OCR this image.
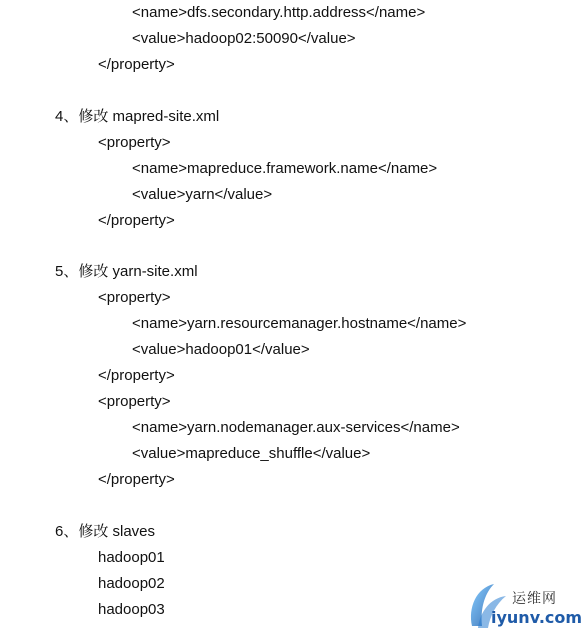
<name>dfs.secondary.http.address</name>
<value>hadoop02:50090</value>
</property>
4、修改 mapred-site.xml
<property>
<name>mapreduce.framework.name</name>
<value>yarn</value>
</property>
5、修改 yarn-site.xml
<property>
<name>yarn.resourcemanager.hostname</name>
<value>hadoop01</value>
</property>
<property>
<name>yarn.nodemanager.aux-services</name>
<value>mapreduce_shuffle</value>
</property>
6、修改 slaves
hadoop01
hadoop02
hadoop03
运维网
iyunv.com
